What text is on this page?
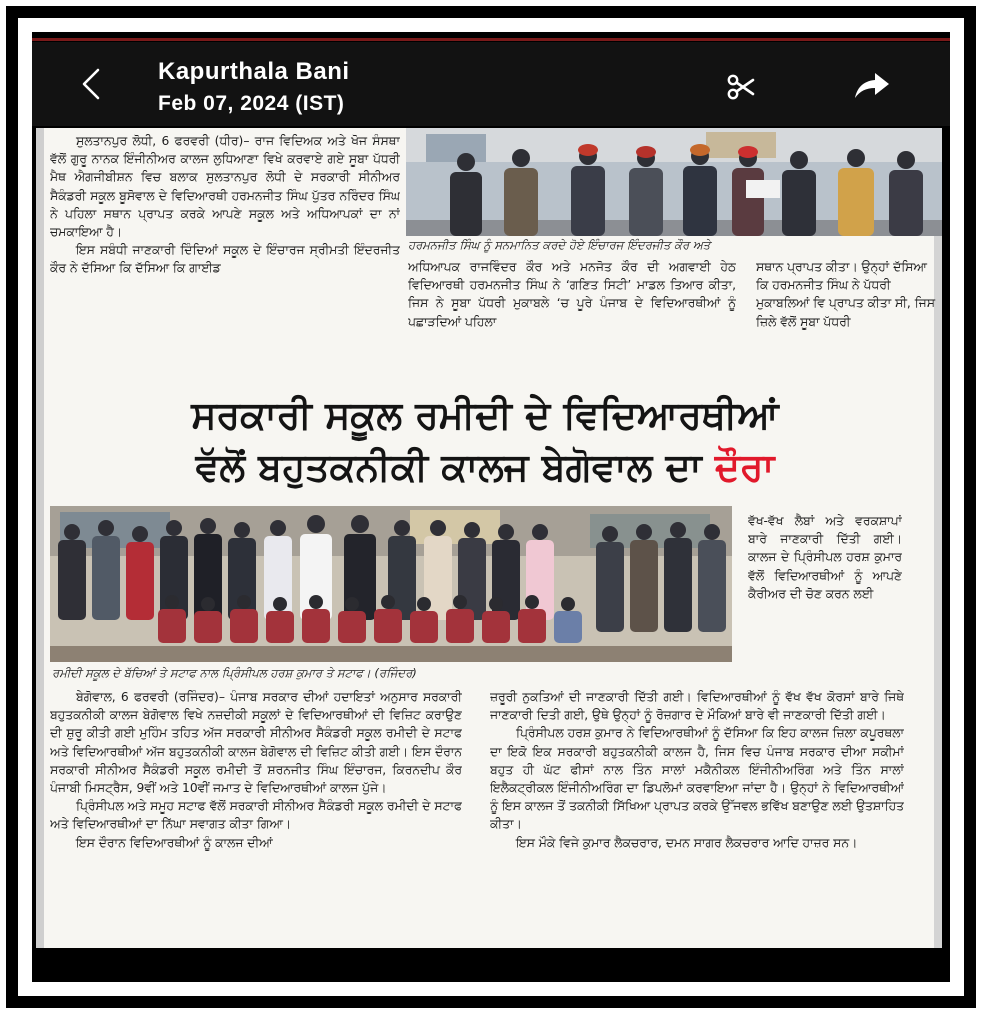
Kapurthala Bani
Feb 07, 2024 (IST)

ਸੁਲਤਾਨਪੁਰ ਲੋਧੀ, 6 ਫਰਵਰੀ (ਧੀਰ)– ਰਾਜ ਵਿਦਿਅਕ ਅਤੇ ਖੋਜ ਸੰਸਥਾ ਵੱਲੋਂ ਗੁਰੂ ਨਾਨਕ ਇੰਜੀਨੀਅਰ ਕਾਲਜ ਲੁਧਿਆਣਾ ਵਿਖੇ ਕਰਵਾਏ ਗਏ ਸੂਬਾ ਪੱਧਰੀ ਮੈਥ ਐਗਜੀਬੀਸ਼ਨ ਵਿਚ ਬਲਾਕ ਸੁਲਤਾਨਪੁਰ ਲੋਧੀ ਦੇ ਸਰਕਾਰੀ ਸੀਨੀਅਰ ਸੈਕੰਡਰੀ ਸਕੂਲ ਬੂਸੋਵਾਲ ਦੇ ਵਿਦਿਆਰਥੀ ਹਰਮਨਜੀਤ ਸਿੰਘ ਪੁੱਤਰ ਨਰਿੰਦਰ ਸਿੰਘ ਨੇ ਪਹਿਲਾ ਸਥਾਨ ਪ੍ਰਾਪਤ ਕਰਕੇ ਆਪਣੇ ਸਕੂਲ ਅਤੇ ਅਧਿਆਪਕਾਂ ਦਾ ਨਾਂ ਚਮਕਾਇਆ ਹੈ।

ਇਸ ਸਬੰਧੀ ਜਾਣਕਾਰੀ ਦਿੰਦਿਆਂ ਸਕੂਲ ਦੇ ਇੰਚਾਰਜ ਸ੍ਰੀਮਤੀ ਇੰਦਰਜੀਤ ਕੌਰ ਨੇ ਦੱਸਿਆ ਕਿ ਦੱਸਿਆ ਕਿ ਗਾਈਡ

ਹਰਮਨਜੀਤ ਸਿੰਘ ਨੂੰ ਸਨਮਾਨਿਤ ਕਰਦੇ ਹੋਏ ਇੰਚਾਰਜ ਇੰਦਰਜੀਤ ਕੌਰ ਅਤੇ
ਅਧਿਆਪਕ ਰਾਜਵਿੰਦਰ ਕੌਰ ਅਤੇ ਮਨਜੋਤ ਕੌਰ ਦੀ ਅਗਵਾਈ ਹੇਠ ਵਿਦਿਆਰਥੀ ਹਰਮਨਜੀਤ ਸਿੰਘ ਨੇ ‘ਗਣਿਤ ਸਿਟੀ’ ਮਾਡਲ ਤਿਆਰ ਕੀਤਾ, ਜਿਸ ਨੇ ਸੂਬਾ ਪੱਧਰੀ ਮੁਕਾਬਲੇ ‘ਚ ਪੂਰੇ ਪੰਜਾਬ ਦੇ ਵਿਦਿਆਰਥੀਆਂ ਨੂੰ ਪਛਾੜਦਿਆਂ ਪਹਿਲਾ
ਸਥਾਨ ਪ੍ਰਾਪਤ ਕੀਤਾ। ਉਨ੍ਹਾਂ ਦੱਸਿਆ ਕਿ ਹਰਮਨਜੀਤ ਸਿੰਘ ਨੇ ਪੱਧਰੀ ਮੁਕਾਬਲਿਆਂ ਵਿ ਪ੍ਰਾਪਤ ਕੀਤਾ ਸੀ, ਜਿਸ ਜ਼ਿਲੇ ਵੱਲੋਂ ਸੂਬਾ ਪੱਧਰੀ
ਸਰਕਾਰੀ ਸਕੂਲ ਰਮੀਦੀ ਦੇ ਵਿਦਿਆਰਥੀਆਂ
ਵੱਲੋਂ ਬਹੁਤਕਨੀਕੀ ਕਾਲਜ ਬੇਗੋਵਾਲ ਦਾ ਦੌਰਾ
ਵੱਖ-ਵੱਖ ਲੈਬਾਂ ਅਤੇ ਵਰਕਸ਼ਾਪਾਂ ਬਾਰੇ ਜਾਣਕਾਰੀ ਦਿੱਤੀ ਗਈ। ਕਾਲਜ ਦੇ ਪ੍ਰਿੰਸੀਪਲ ਹਰਸ਼ ਕੁਮਾਰ ਵੱਲੋਂ ਵਿਦਿਆਰਥੀਆਂ ਨੂੰ ਆਪਣੇ ਕੈਰੀਅਰ ਦੀ ਚੋਣ ਕਰਨ ਲਈ
ਰਮੀਦੀ ਸਕੂਲ ਦੇ ਬੱਚਿਆਂ ਤੇ ਸਟਾਫ ਨਾਲ ਪ੍ਰਿੰਸੀਪਲ ਹਰਸ਼ ਕੁਮਾਰ ਤੇ ਸਟਾਫ। (ਰਜਿੰਦਰ)

ਬੇਗੋਵਾਲ, 6 ਫਰਵਰੀ (ਰਜਿੰਦਰ)– ਪੰਜਾਬ ਸਰਕਾਰ ਦੀਆਂ ਹਦਾਇਤਾਂ ਅਨੁਸਾਰ ਸਰਕਾਰੀ ਬਹੁਤਕਨੀਕੀ ਕਾਲਜ ਬੇਗੋਵਾਲ ਵਿਖੇ ਨਜ਼ਦੀਕੀ ਸਕੂਲਾਂ ਦੇ ਵਿਦਿਆਰਥੀਆਂ ਦੀ ਵਿਜ਼ਿਟ ਕਰਾਉਣ ਦੀ ਸ਼ੁਰੂ ਕੀਤੀ ਗਈ ਮੁਹਿੰਮ ਤਹਿਤ ਅੱਜ ਸਰਕਾਰੀ ਸੀਨੀਅਰ ਸੈਕੰਡਰੀ ਸਕੂਲ ਰਮੀਦੀ ਦੇ ਸਟਾਫ ਅਤੇ ਵਿਦਿਆਰਥੀਆਂ ਅੱਜ ਬਹੁਤਕਨੀਕੀ ਕਾਲਜ ਬੇਗੋਵਾਲ ਦੀ ਵਿਜ਼ਿਟ ਕੀਤੀ ਗਈ। ਇਸ ਦੌਰਾਨ ਸਰਕਾਰੀ ਸੀਨੀਅਰ ਸੈਕੰਡਰੀ ਸਕੂਲ ਰਮੀਦੀ ਤੋਂ ਸ਼ਰਨਜੀਤ ਸਿੰਘ ਇੰਚਾਰਜ, ਕਿਰਨਦੀਪ ਕੌਰ ਪੰਜਾਬੀ ਮਿਸਟ੍ਰੈਸ, 9ਵੀਂ ਅਤੇ 10ਵੀਂ ਜਮਾਤ ਦੇ ਵਿਦਿਆਰਥੀਆਂ ਕਾਲਜ ਪੁੱਜੇ।

ਪ੍ਰਿੰਸੀਪਲ ਅਤੇ ਸਮੂਹ ਸਟਾਫ ਵੱਲੋਂ ਸਰਕਾਰੀ ਸੀਨੀਅਰ ਸੈਕੰਡਰੀ ਸਕੂਲ ਰਮੀਦੀ ਦੇ ਸਟਾਫ ਅਤੇ ਵਿਦਿਆਰਥੀਆਂ ਦਾ ਨਿੱਘਾ ਸਵਾਗਤ ਕੀਤਾ ਗਿਆ।

ਇਸ ਦੌਰਾਨ ਵਿਦਿਆਰਥੀਆਂ ਨੂੰ ਕਾਲਜ ਦੀਆਂ

ਜ਼ਰੂਰੀ ਨੁਕਤਿਆਂ ਦੀ ਜਾਣਕਾਰੀ ਦਿੱਤੀ ਗਈ। ਵਿਦਿਆਰਥੀਆਂ ਨੂੰ ਵੱਖ ਵੱਖ ਕੋਰਸਾਂ ਬਾਰੇ ਜਿਥੇ ਜਾਣਕਾਰੀ ਦਿਤੀ ਗਈ, ਉਥੇ ਉਨ੍ਹਾਂ ਨੂੰ ਰੋਜ਼ਗਾਰ ਦੇ ਮੌਕਿਆਂ ਬਾਰੇ ਵੀ ਜਾਣਕਾਰੀ ਦਿੱਤੀ ਗਈ।

ਪ੍ਰਿੰਸੀਪਲ ਹਰਸ਼ ਕੁਮਾਰ ਨੇ ਵਿਦਿਆਰਥੀਆਂ ਨੂੰ ਦੱਸਿਆ ਕਿ ਇਹ ਕਾਲਜ ਜ਼ਿਲਾ ਕਪੂਰਥਲਾ ਦਾ ਇਕੋ ਇਕ ਸਰਕਾਰੀ ਬਹੁਤਕਨੀਕੀ ਕਾਲਜ ਹੈ, ਜਿਸ ਵਿਚ ਪੰਜਾਬ ਸਰਕਾਰ ਦੀਆ ਸਕੀਮਾਂ ਬਹੁਤ ਹੀ ਘੱਟ ਫੀਸਾਂ ਨਾਲ ਤਿੰਨ ਸਾਲਾਂ ਮਕੈਨੀਕਲ ਇੰਜੀਨੀਅਰਿੰਗ ਅਤੇ ਤਿੰਨ ਸਾਲਾਂ ਇਲੈਕਟ੍ਰੀਕਲ ਇੰਜੀਨੀਅਰਿੰਗ ਦਾ ਡਿਪਲੋਮਾਂ ਕਰਵਾਇਆ ਜਾਂਦਾ ਹੈ। ਉਨ੍ਹਾਂ ਨੇ ਵਿਦਿਆਰਥੀਆਂ ਨੂੰ ਇਸ ਕਾਲਜ ਤੋਂ ਤਕਨੀਕੀ ਸਿੱਖਿਆ ਪ੍ਰਾਪਤ ਕਰਕੇ ਉੱਜਵਲ ਭਵਿੱਖ ਬਣਾਉਣ ਲਈ ਉਤਸ਼ਾਹਿਤ ਕੀਤਾ।

ਇਸ ਮੌਕੇ ਵਿਜੇ ਕੁਮਾਰ ਲੈਕਚਰਾਰ, ਦਮਨ ਸਾਗਰ ਲੈਕਚਰਾਰ ਆਦਿ ਹਾਜ਼ਰ ਸਨ।
